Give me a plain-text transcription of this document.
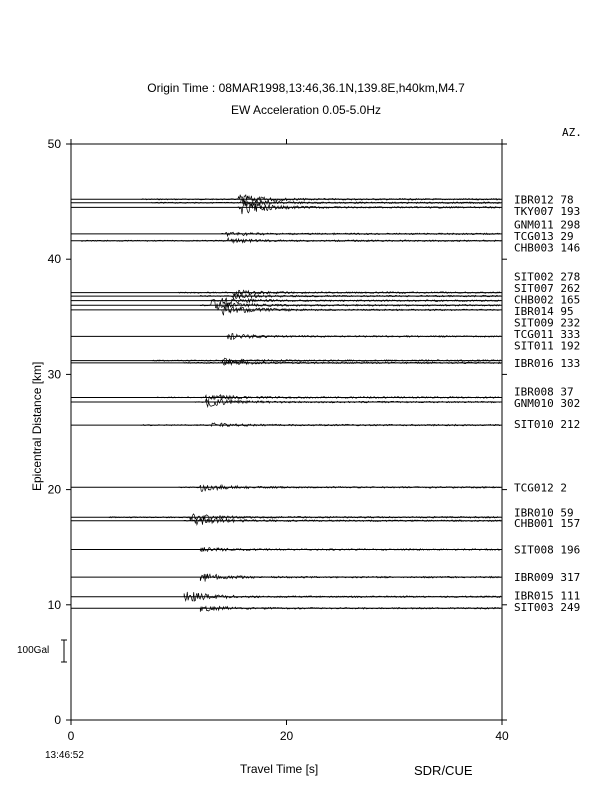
Origin Time : 08MAR1998,13:46,36.1N,139.8E,h40km,M4.7
EW Acceleration 0.05-5.0Hz
AZ.
Epicentral Distance [km]
Travel Time [s]	SDR/CUE
13:46:52
100Gal
0
10
20
30
40
50
0	20	40
IBR012 78
TKY007 193
GNM011 298
TCG013 29
CHB003 146
SIT002 278
SIT007 262
CHB002 165
IBR014 95
SIT009 232
TCG011 333
SIT011 192
IBR016 133
IBR008 37
GNM010 302
SIT010 212
TCG012 2
IBR010 59
CHB001 157
SIT008 196
IBR009 317
IBR015 111
SIT003 249
